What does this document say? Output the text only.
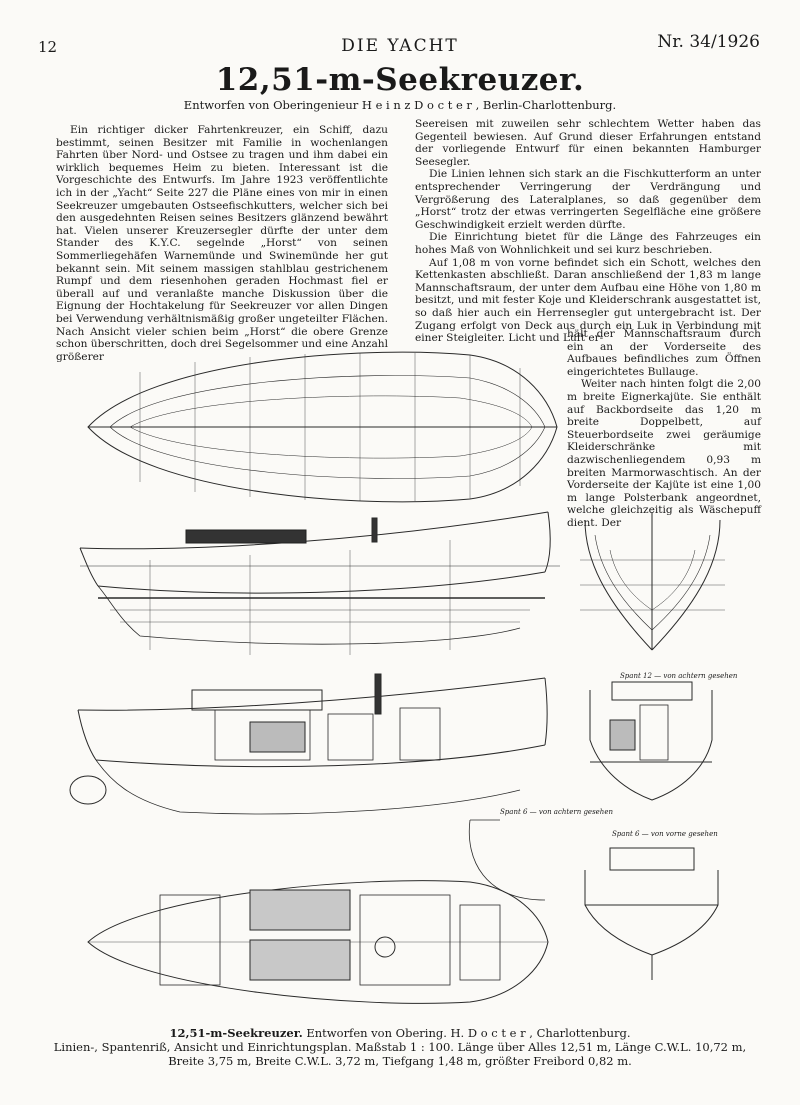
12	DIE YACHT	Nr. 34/1926
12,51-m-Seekreuzer.
Entworfen von Oberingenieur H e i n z D o c t e r , Berlin-Charlottenburg.

Ein richtiger dicker Fahrtenkreuzer, ein Schiff, dazu bestimmt, seinen Besitzer mit Familie in wochenlangen Fahrten über Nord- und Ostsee zu tragen und ihm dabei ein wirklich bequemes Heim zu bieten. Interessant ist die Vorgeschichte des Entwurfs. Im Jahre 1923 veröffentlichte ich in der „Yacht“ Seite 227 die Pläne eines von mir in einen Seekreuzer umgebauten Ostseefischkutters, welcher sich bei den ausgedehnten Reisen seines Besitzers glänzend bewährt hat. Vielen unserer Kreuzersegler dürfte der unter dem Stander des K.Y.C. segelnde „Horst“ von seinen Sommerliegehäfen Warnemünde und Swinemünde her gut bekannt sein. Mit seinem massigen stahlblau gestrichenem Rumpf und dem riesenhohen geraden Hochmast fiel er überall auf und veranlaßte manche Diskussion über die Eignung der Hochtakelung für Seekreuzer vor allen Dingen bei Verwendung verhältnismäßig großer ungeteilter Flächen. Nach Ansicht vieler schien beim „Horst“ die obere Grenze schon überschritten, doch drei Segelsommer und eine Anzahl größerer

Seereisen mit zuweilen sehr schlechtem Wetter haben das Gegenteil bewiesen. Auf Grund dieser Erfahrungen entstand der vorliegende Entwurf für einen bekannten Hamburger Seesegler.

Die Linien lehnen sich stark an die Fischkutterform an unter entsprechender Verringerung der Verdrängung und Vergrößerung des Lateralplanes, so daß gegenüber dem „Horst“ trotz der etwas verringerten Segelfläche eine größere Geschwindigkeit erzielt werden dürfte.

Die Einrichtung bietet für die Länge des Fahrzeuges ein hohes Maß von Wohnlichkeit und sei kurz beschrieben.

Auf 1,08 m von vorne befindet sich ein Schott, welches den Kettenkasten abschließt. Daran anschließend der 1,83 m lange Mannschaftsraum, der unter dem Aufbau eine Höhe von 1,80 m besitzt, und mit fester Koje und Kleiderschrank ausgestattet ist, so daß hier auch ein Herrensegler gut untergebracht ist. Der Zugang erfolgt von Deck aus durch ein Luk in Verbindung mit einer Steigleiter. Licht und Luft er-

hält der Mannschaftsraum durch ein an der Vorderseite des Aufbaues befindliches zum Öffnen eingerichtetes Bullauge.

Weiter nach hinten folgt die 2,00 m breite Eignerkajüte. Sie enthält auf Backbordseite das 1,20 m breite Doppelbett, auf Steuerbordseite zwei geräumige Kleiderschränke mit dazwischenliegendem 0,93 m breiten Marmorwaschtisch. An der Vorderseite der Kajüte ist eine 1,00 m lange Polsterbank angeordnet, welche gleichzeitig als Wäschepuff dient. Der

Spant 12 — von achtern gesehen
Spant 6 — von achtern gesehen
Spant 6 — von vorne gesehen
12,51-m-Seekreuzer. Entworfen von Obering. H. D o c t e r , Charlottenburg.
Linien-, Spantenriß, Ansicht und Einrichtungsplan. Maßstab 1 : 100. Länge über Alles 12,51 m, Länge C.W.L. 10,72 m,
Breite 3,75 m, Breite C.W.L. 3,72 m, Tiefgang 1,48 m, größter Freibord 0,82 m.
